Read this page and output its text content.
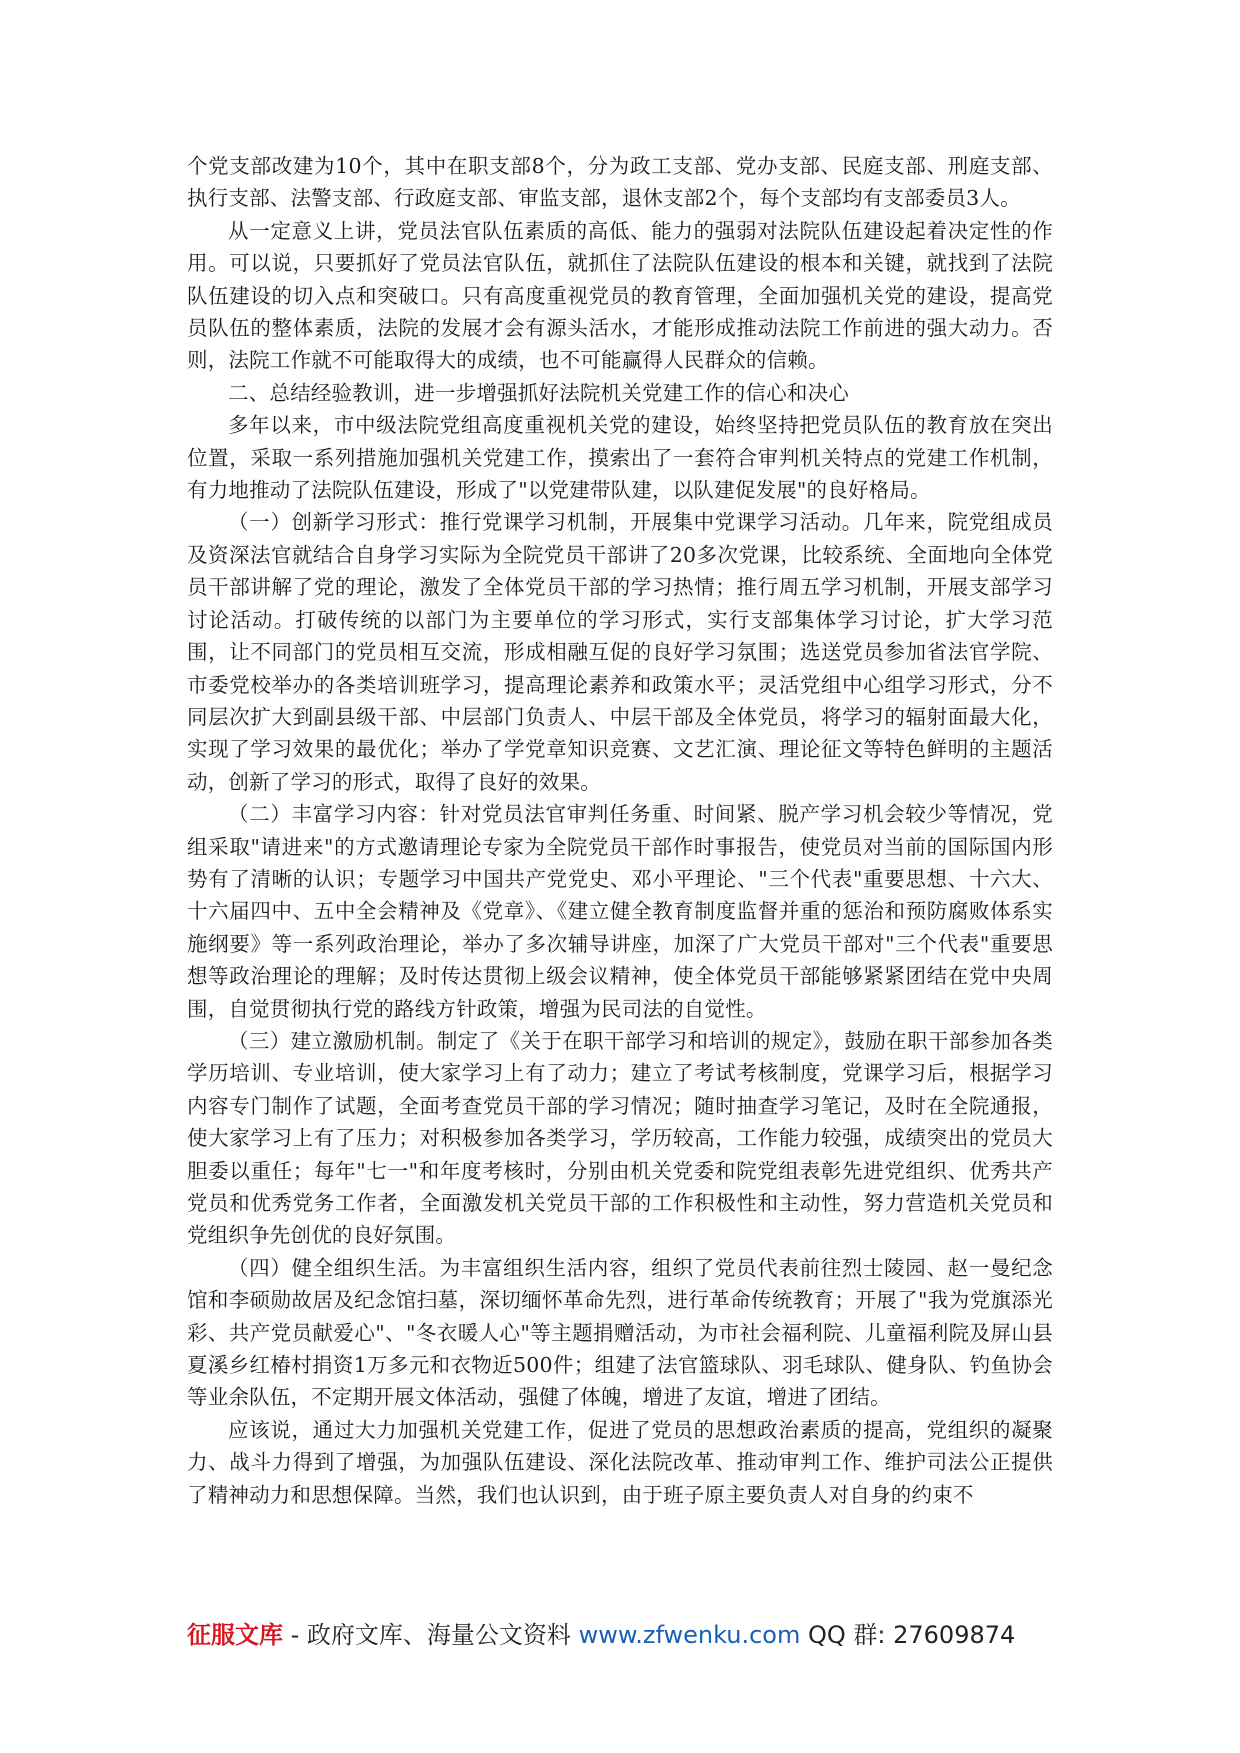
个党支部改建为10个，其中在职支部8个，分为政工支部、党办支部、民庭支部、刑庭支部、执行支部、法警支部、行政庭支部、审监支部，退休支部2个，每个支部均有支部委员3人。

从一定意义上讲，党员法官队伍素质的高低、能力的强弱对法院队伍建设起着决定性的作用。可以说，只要抓好了党员法官队伍，就抓住了法院队伍建设的根本和关键，就找到了法院队伍建设的切入点和突破口。只有高度重视党员的教育管理，全面加强机关党的建设，提高党员队伍的整体素质，法院的发展才会有源头活水，才能形成推动法院工作前进的强大动力。否则，法院工作就不可能取得大的成绩，也不可能赢得人民群众的信赖。

二、总结经验教训，进一步增强抓好法院机关党建工作的信心和决心

多年以来，市中级法院党组高度重视机关党的建设，始终坚持把党员队伍的教育放在突出位置，采取一系列措施加强机关党建工作，摸索出了一套符合审判机关特点的党建工作机制，有力地推动了法院队伍建设，形成了"以党建带队建，以队建促发展"的良好格局。

（一）创新学习形式：推行党课学习机制，开展集中党课学习活动。几年来，院党组成员及资深法官就结合自身学习实际为全院党员干部讲了20多次党课，比较系统、全面地向全体党员干部讲解了党的理论，激发了全体党员干部的学习热情；推行周五学习机制，开展支部学习讨论活动。打破传统的以部门为主要单位的学习形式，实行支部集体学习讨论，扩大学习范围，让不同部门的党员相互交流，形成相融互促的良好学习氛围；选送党员参加省法官学院、市委党校举办的各类培训班学习，提高理论素养和政策水平；灵活党组中心组学习形式，分不同层次扩大到副县级干部、中层部门负责人、中层干部及全体党员，将学习的辐射面最大化，实现了学习效果的最优化；举办了学党章知识竞赛、文艺汇演、理论征文等特色鲜明的主题活动，创新了学习的形式，取得了良好的效果。

（二）丰富学习内容：针对党员法官审判任务重、时间紧、脱产学习机会较少等情况，党组采取"请进来"的方式邀请理论专家为全院党员干部作时事报告，使党员对当前的国际国内形势有了清晰的认识；专题学习中国共产党党史、邓小平理论、"三个代表"重要思想、十六大、十六届四中、五中全会精神及《党章》、《建立健全教育制度监督并重的惩治和预防腐败体系实施纲要》等一系列政治理论，举办了多次辅导讲座，加深了广大党员干部对"三个代表"重要思想等政治理论的理解；及时传达贯彻上级会议精神，使全体党员干部能够紧紧团结在党中央周围，自觉贯彻执行党的路线方针政策，增强为民司法的自觉性。

（三）建立激励机制。制定了《关于在职干部学习和培训的规定》，鼓励在职干部参加各类学历培训、专业培训，使大家学习上有了动力；建立了考试考核制度，党课学习后，根据学习内容专门制作了试题，全面考查党员干部的学习情况；随时抽查学习笔记，及时在全院通报，使大家学习上有了压力；对积极参加各类学习，学历较高，工作能力较强，成绩突出的党员大胆委以重任；每年"七一"和年度考核时，分别由机关党委和院党组表彰先进党组织、优秀共产党员和优秀党务工作者，全面激发机关党员干部的工作积极性和主动性，努力营造机关党员和党组织争先创优的良好氛围。

（四）健全组织生活。为丰富组织生活内容，组织了党员代表前往烈士陵园、赵一曼纪念馆和李硕勋故居及纪念馆扫墓，深切缅怀革命先烈，进行革命传统教育；开展了"我为党旗添光彩、共产党员献爱心"、"冬衣暖人心"等主题捐赠活动，为市社会福利院、儿童福利院及屏山县夏溪乡红椿村捐资1万多元和衣物近500件；组建了法官篮球队、羽毛球队、健身队、钓鱼协会等业余队伍，不定期开展文体活动，强健了体魄，增进了友谊，增进了团结。

应该说，通过大力加强机关党建工作，促进了党员的思想政治素质的提高，党组织的凝聚力、战斗力得到了增强，为加强队伍建设、深化法院改革、推动审判工作、维护司法公正提供了精神动力和思想保障。当然，我们也认识到，由于班子原主要负责人对自身的约束不

征服文库 - 政府文库、海量公文资料 www.zfwenku.com QQ 群: 27609874
